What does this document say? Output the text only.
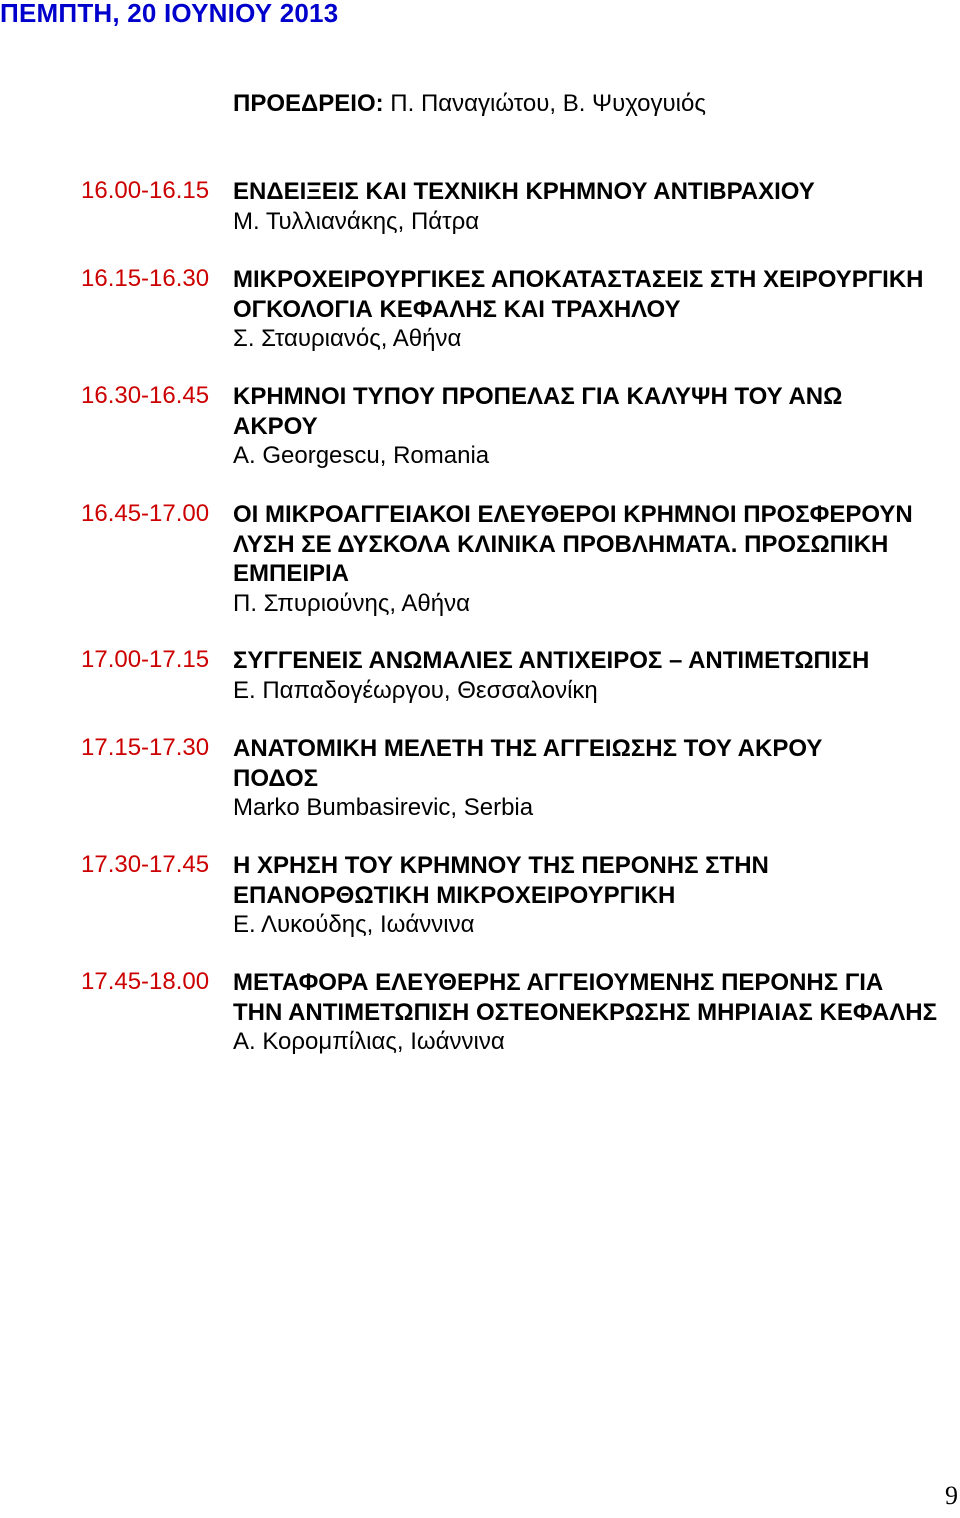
ΠΕΜΠΤΗ, 20 ΙΟΥΝΙΟΥ 2013
ΠΡΟΕΔΡΕΙΟ: Π. Παναγιώτου, Β. Ψυχογυιός
16.00-16.15 ΕΝΔΕΙΞΕΙΣ ΚΑΙ ΤΕΧΝΙΚΗ ΚΡΗΜΝΟΥ ΑΝΤΙΒΡΑΧΙΟΥ

Μ. Τυλλιανάκης, Πάτρα

16.15-16.30 ΜΙΚΡΟΧΕΙΡΟΥΡΓΙΚΕΣ ΑΠΟΚΑΤΑΣΤΑΣΕΙΣ ΣΤΗ ΧΕΙΡΟΥΡΓΙΚΗ ΟΓΚΟΛΟΓΙΑ ΚΕΦΑΛΗΣ ΚΑΙ ΤΡΑΧΗΛΟΥ

Σ. Σταυριανός, Αθήνα

16.30-16.45 ΚΡΗΜΝΟΙ ΤΥΠΟΥ ΠΡΟΠΕΛΑΣ ΓΙΑ ΚΑΛΥΨΗ ΤΟΥ ΑΝΩ ΑΚΡΟΥ

A. Georgescu, Romania

16.45-17.00 ΟΙ ΜΙΚΡΟΑΓΓΕΙΑΚΟΙ ΕΛΕΥΘΕΡΟΙ ΚΡΗΜΝΟΙ ΠΡΟΣΦΕΡΟΥΝ ΛΥΣΗ ΣΕ ΔΥΣΚΟΛΑ ΚΛΙΝΙΚΑ ΠΡΟΒΛΗΜΑΤΑ. ΠΡΟΣΩΠΙΚΗ ΕΜΠΕΙΡΙΑ

Π. Σπυριούνης, Αθήνα

17.00-17.15 ΣΥΓΓΕΝΕΙΣ ΑΝΩΜΑΛΙΕΣ ΑΝΤΙΧΕΙΡΟΣ – ΑΝΤΙΜΕΤΩΠΙΣΗ

Ε. Παπαδογέωργου, Θεσσαλονίκη

17.15-17.30 ΑΝΑΤΟΜΙΚΗ ΜΕΛΕΤΗ ΤΗΣ ΑΓΓΕΙΩΣΗΣ ΤΟΥ ΑΚΡΟΥ ΠΟΔΟΣ

Marko Bumbasirevic, Serbia

17.30-17.45 Η ΧΡΗΣΗ ΤΟΥ ΚΡΗΜΝΟΥ ΤΗΣ ΠΕΡΟΝΗΣ ΣΤΗΝ ΕΠΑΝΟΡΘΩΤΙΚΗ ΜΙΚΡΟΧΕΙΡΟΥΡΓΙΚΗ

Ε. Λυκούδης, Ιωάννινα

17.45-18.00 ΜΕΤΑΦΟΡΑ ΕΛΕΥΘΕΡΗΣ ΑΓΓΕΙΟΥΜΕΝΗΣ ΠΕΡΟΝΗΣ ΓΙΑ ΤΗΝ ΑΝΤΙΜΕΤΩΠΙΣΗ ΟΣΤΕΟΝΕΚΡΩΣΗΣ ΜΗΡΙΑΙΑΣ ΚΕΦΑΛΗΣ

Α. Κορομπίλιας, Ιωάννινα

9
